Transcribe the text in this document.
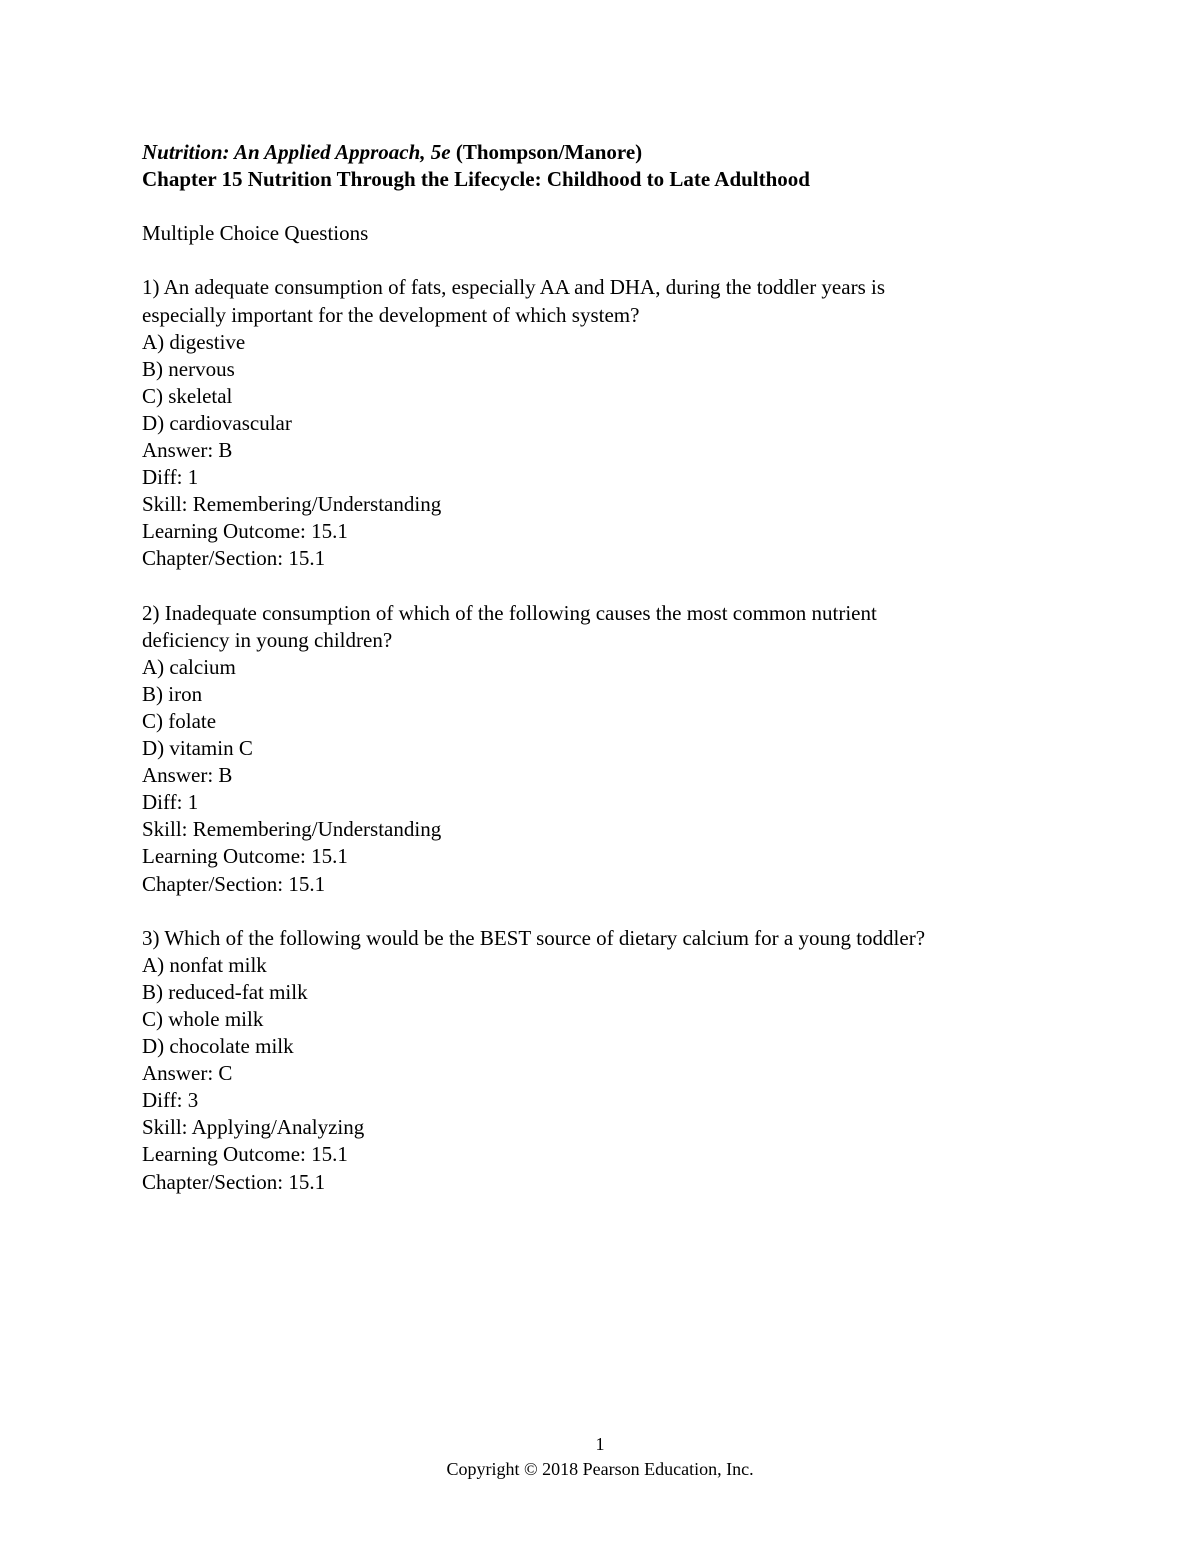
Nutrition: An Applied Approach, 5e (Thompson/Manore)
Chapter 15 Nutrition Through the Lifecycle: Childhood to Late Adulthood
Multiple Choice Questions
1) An adequate consumption of fats, especially AA and DHA, during the toddler years is
especially important for the development of which system?
A) digestive
B) nervous
C) skeletal
D) cardiovascular
Answer: B
Diff: 1
Skill: Remembering/Understanding
Learning Outcome: 15.1
Chapter/Section: 15.1
2) Inadequate consumption of which of the following causes the most common nutrient
deficiency in young children?
A) calcium
B) iron
C) folate
D) vitamin C
Answer: B
Diff: 1
Skill: Remembering/Understanding
Learning Outcome: 15.1
Chapter/Section: 15.1
3) Which of the following would be the BEST source of dietary calcium for a young toddler?
A) nonfat milk
B) reduced-fat milk
C) whole milk
D) chocolate milk
Answer: C
Diff: 3
Skill: Applying/Analyzing
Learning Outcome: 15.1
Chapter/Section: 15.1
1
Copyright © 2018 Pearson Education, Inc.
